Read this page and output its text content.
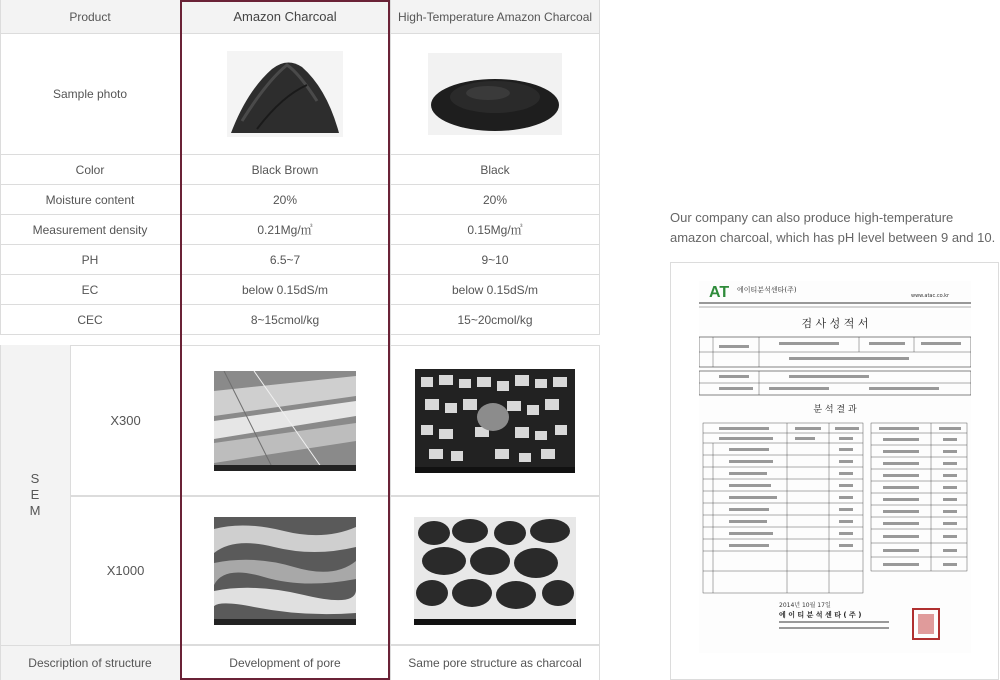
Product	Amazon Charcoal	High-Temperature Amazon Charcoal
Sample photo
Color	Black Brown	Black
Moisture content	20%	20%
Measurement density	0.21Mg/㎥	0.15Mg/㎥
PH	6.5~7	9~10
EC	below 0.15dS/m	below 0.15dS/m
CEC	8~15cmol/kg	15~20cmol/kg
S
E
M
X300
X1000
Description of structure	Development of pore	Same pore structure as charcoal
Our company can also produce high-temperature amazon charcoal, which has pH level between 9 and 10.
AT 에이티분석센타(주)
www.atac.co.kr
검 사 성 적 서
분 석 결 과
2014년 10월 17일
에 이 티 분 석 센 타 ( 주 )
